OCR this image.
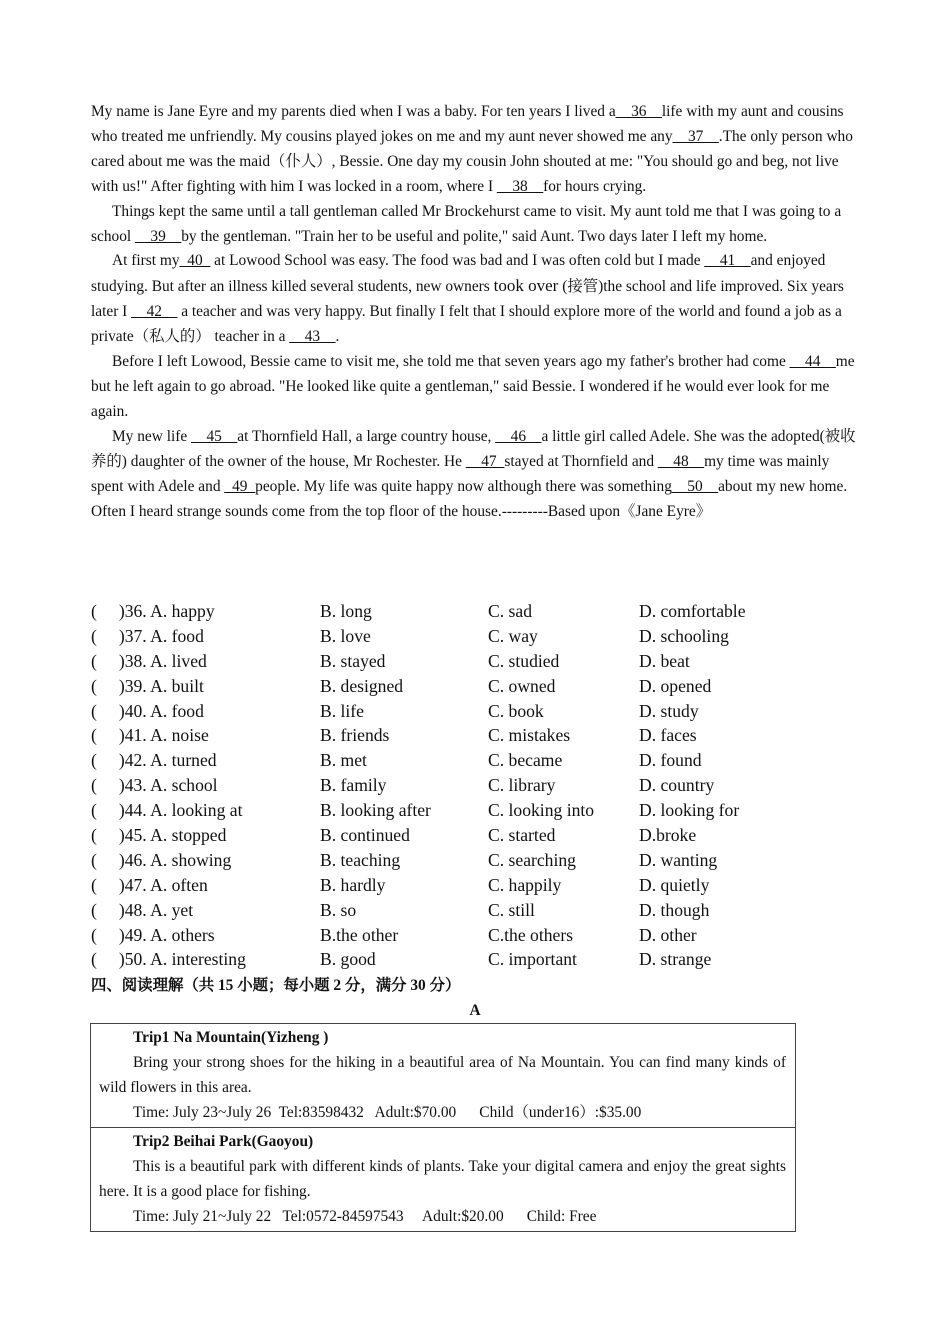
My name is Jane Eyre and my parents died when I was a baby. For ten years I lived a__36__life with my aunt and cousins who treated me unfriendly. My cousins played jokes on me and my aunt never showed me any__37__.The only person who cared about me was the maid（仆人）, Bessie. One day my cousin John shouted at me: "You should go and beg, not live with us!" After fighting with him I was locked in a room, where I __38__for hours crying.

Things kept the same until a tall gentleman called Mr Brockehurst came to visit. My aunt told me that I was going to a school __39__by the gentleman. "Train her to be useful and polite," said Aunt. Two days later I left my home.

At first my_40_ at Lowood School was easy. The food was bad and I was often cold but I made __41__and enjoyed studying. But after an illness killed several students, new owners took over (接管)the school and life improved. Six years later I __42__ a teacher and was very happy. But finally I felt that I should explore more of the world and found a job as a private（私人的） teacher in a __43__.

Before I left Lowood, Bessie came to visit me, she told me that seven years ago my father's brother had come __44__me but he left again to go abroad. "He looked like quite a gentleman," said Bessie. I wondered if he would ever look for me again.

My new life __45__at Thornfield Hall, a large country house, __46__a little girl called Adele. She was the adopted(被收养的) daughter of the owner of the house, Mr Rochester. He __47_stayed at Thornfield and __48__my time was mainly spent with Adele and _49_people. My life was quite happy now although there was something__50__about my new home. Often I heard strange sounds come from the top floor of the house.---------Based upon《Jane Eyre》

(　 )36. A. happy	B. long	C. sad	D. comfortable
(　 )37. A. food	B. love	C. way	D. schooling
(　 )38. A. lived	B. stayed	C. studied	D. beat
(　 )39. A. built	B. designed	C. owned	D. opened
(　 )40. A. food	B. life	C. book	D. study
(　 )41. A. noise	B. friends	C. mistakes	D. faces
(　 )42. A. turned	B. met	C. became	D. found
(　 )43. A. school	B. family	C. library	D. country
(　 )44. A. looking at	B. looking after	C. looking into	D. looking for
(　 )45. A. stopped	B. continued	C. started	D.broke
(　 )46. A. showing	B. teaching	C. searching	D. wanting
(　 )47. A. often	B. hardly	C. happily	D. quietly
(　 )48. A. yet	B. so	C. still	D. though
(　 )49. A. others	B.the other	C.the others	D. other
(　 )50. A. interesting	B. good	C. important	D. strange
四、阅读理解（共 15 小题；每小题 2 分，满分 30 分）
A
Trip1 Na Mountain(Yizheng )
Bring your strong shoes for the hiking in a beautiful area of Na Mountain. You can find many kinds of wild flowers in this area.
Time: July 23~July 26  Tel:83598432   Adult:$70.00      Child（under16）:$35.00
Trip2 Beihai Park(Gaoyou)
This is a beautiful park with different kinds of plants. Take your digital camera and enjoy the great sights here. It is a good place for fishing.
Time: July 21~July 22   Tel:0572-84597543     Adult:$20.00      Child: Free
